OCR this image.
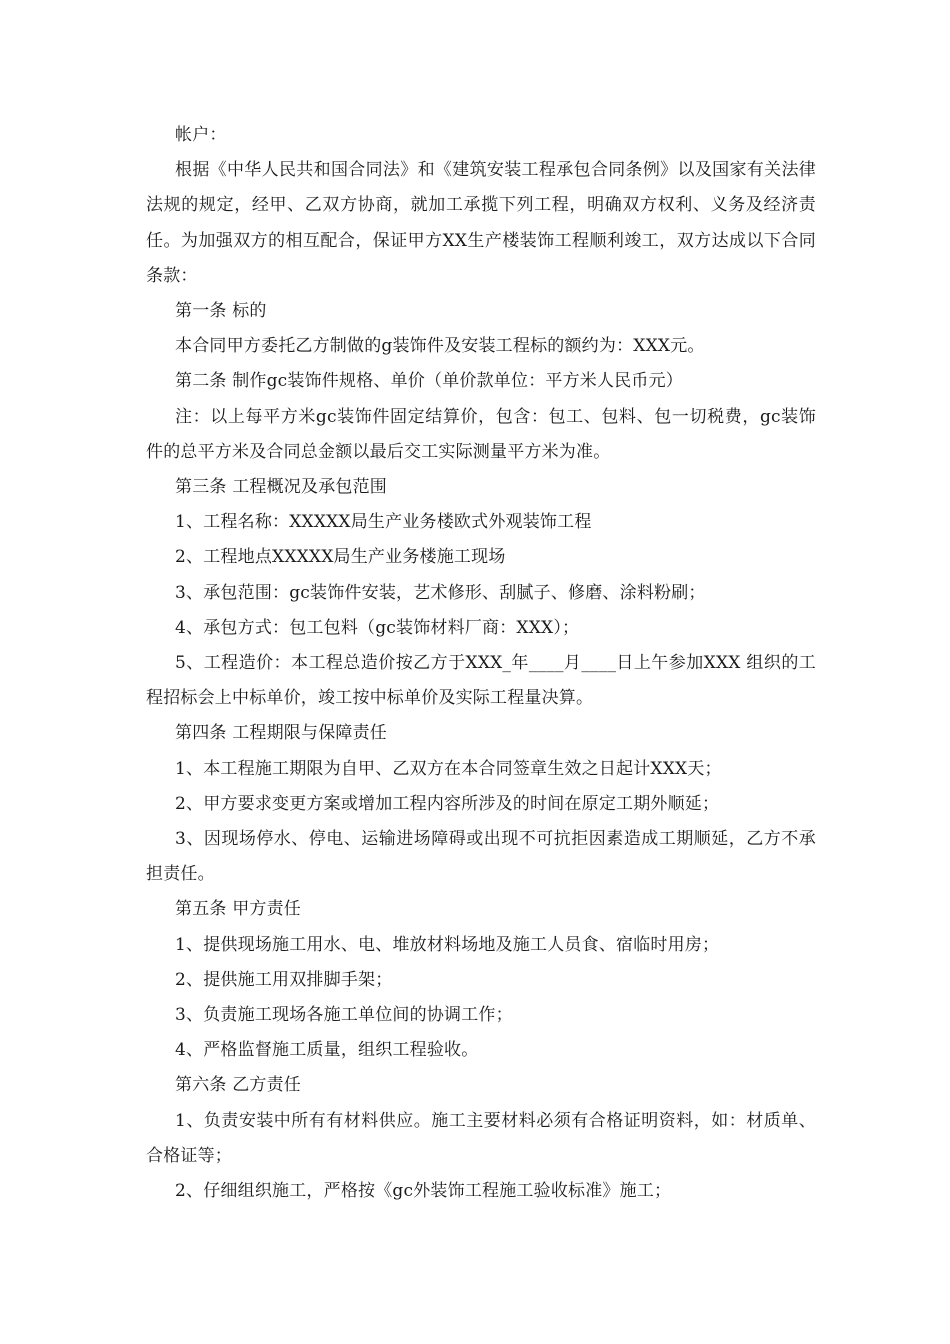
帐户：

根据《中华人民共和国合同法》和《建筑安装工程承包合同条例》以及国家有关法律法规的规定，经甲、乙双方协商，就加工承揽下列工程，明确双方权利、义务及经济责任。为加强双方的相互配合，保证甲方XX生产楼装饰工程顺利竣工，双方达成以下合同条款：

第一条 标的

本合同甲方委托乙方制做的g装饰件及安装工程标的额约为：XXX元。

第二条 制作gc装饰件规格、单价（单价款单位：平方米人民币元）

注：以上每平方米gc装饰件固定结算价，包含：包工、包料、包一切税费，gc装饰件的总平方米及合同总金额以最后交工实际测量平方米为准。

第三条 工程概况及承包范围

1、工程名称：XXXXX局生产业务楼欧式外观装饰工程

2、工程地点XXXXX局生产业务楼施工现场

3、承包范围：gc装饰件安装，艺术修形、刮腻子、修磨、涂料粉刷；

4、承包方式：包工包料（gc装饰材料厂商：XXX）；

5、工程造价：本工程总造价按乙方于XXX_年____月____日上午参加XXX 组织的工程招标会上中标单价，竣工按中标单价及实际工程量决算。

第四条 工程期限与保障责任

1、本工程施工期限为自甲、乙双方在本合同签章生效之日起计XXX天；

2、甲方要求变更方案或增加工程内容所涉及的时间在原定工期外顺延；

3、因现场停水、停电、运输进场障碍或出现不可抗拒因素造成工期顺延，乙方不承担责任。

第五条 甲方责任

1、提供现场施工用水、电、堆放材料场地及施工人员食、宿临时用房；

2、提供施工用双排脚手架；

3、负责施工现场各施工单位间的协调工作；

4、严格监督施工质量，组织工程验收。

第六条 乙方责任

1、负责安装中所有有材料供应。施工主要材料必须有合格证明资料，如：材质单、合格证等；

2、仔细组织施工，严格按《gc外装饰工程施工验收标准》施工；
